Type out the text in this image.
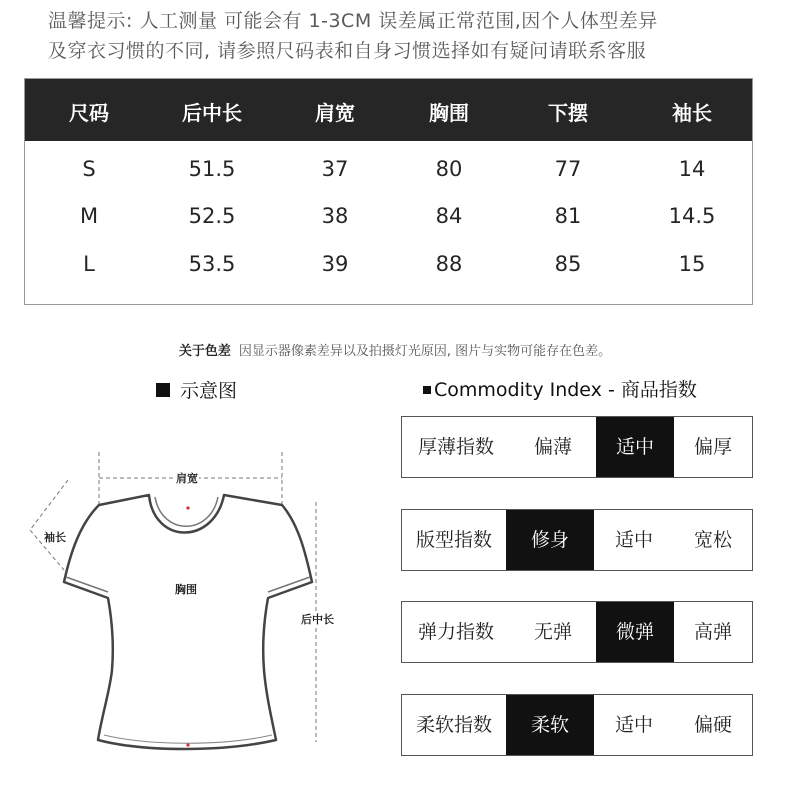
温馨提示: 人工测量 可能会有 1-3CM 误差属正常范围,因个人体型差异
及穿衣习惯的不同, 请参照尺码表和自身习惯选择如有疑问请联系客服
尺码	后中长	肩宽	胸围	下摆	袖长
S	51.5	37	80	77	14
M	52.5	38	84	81	14.5
L	53.5	39	88	85	15
关于色差 因显示器像素差异以及拍摄灯光原因, 图片与实物可能存在色差。
示意图	Commodity Index - 商品指数
肩宽
袖长
胸围
后中长
厚薄指数	偏薄	适中	偏厚
版型指数	修身	适中	宽松
弹力指数	无弹	微弹	高弹
柔软指数	柔软	适中	偏硬
